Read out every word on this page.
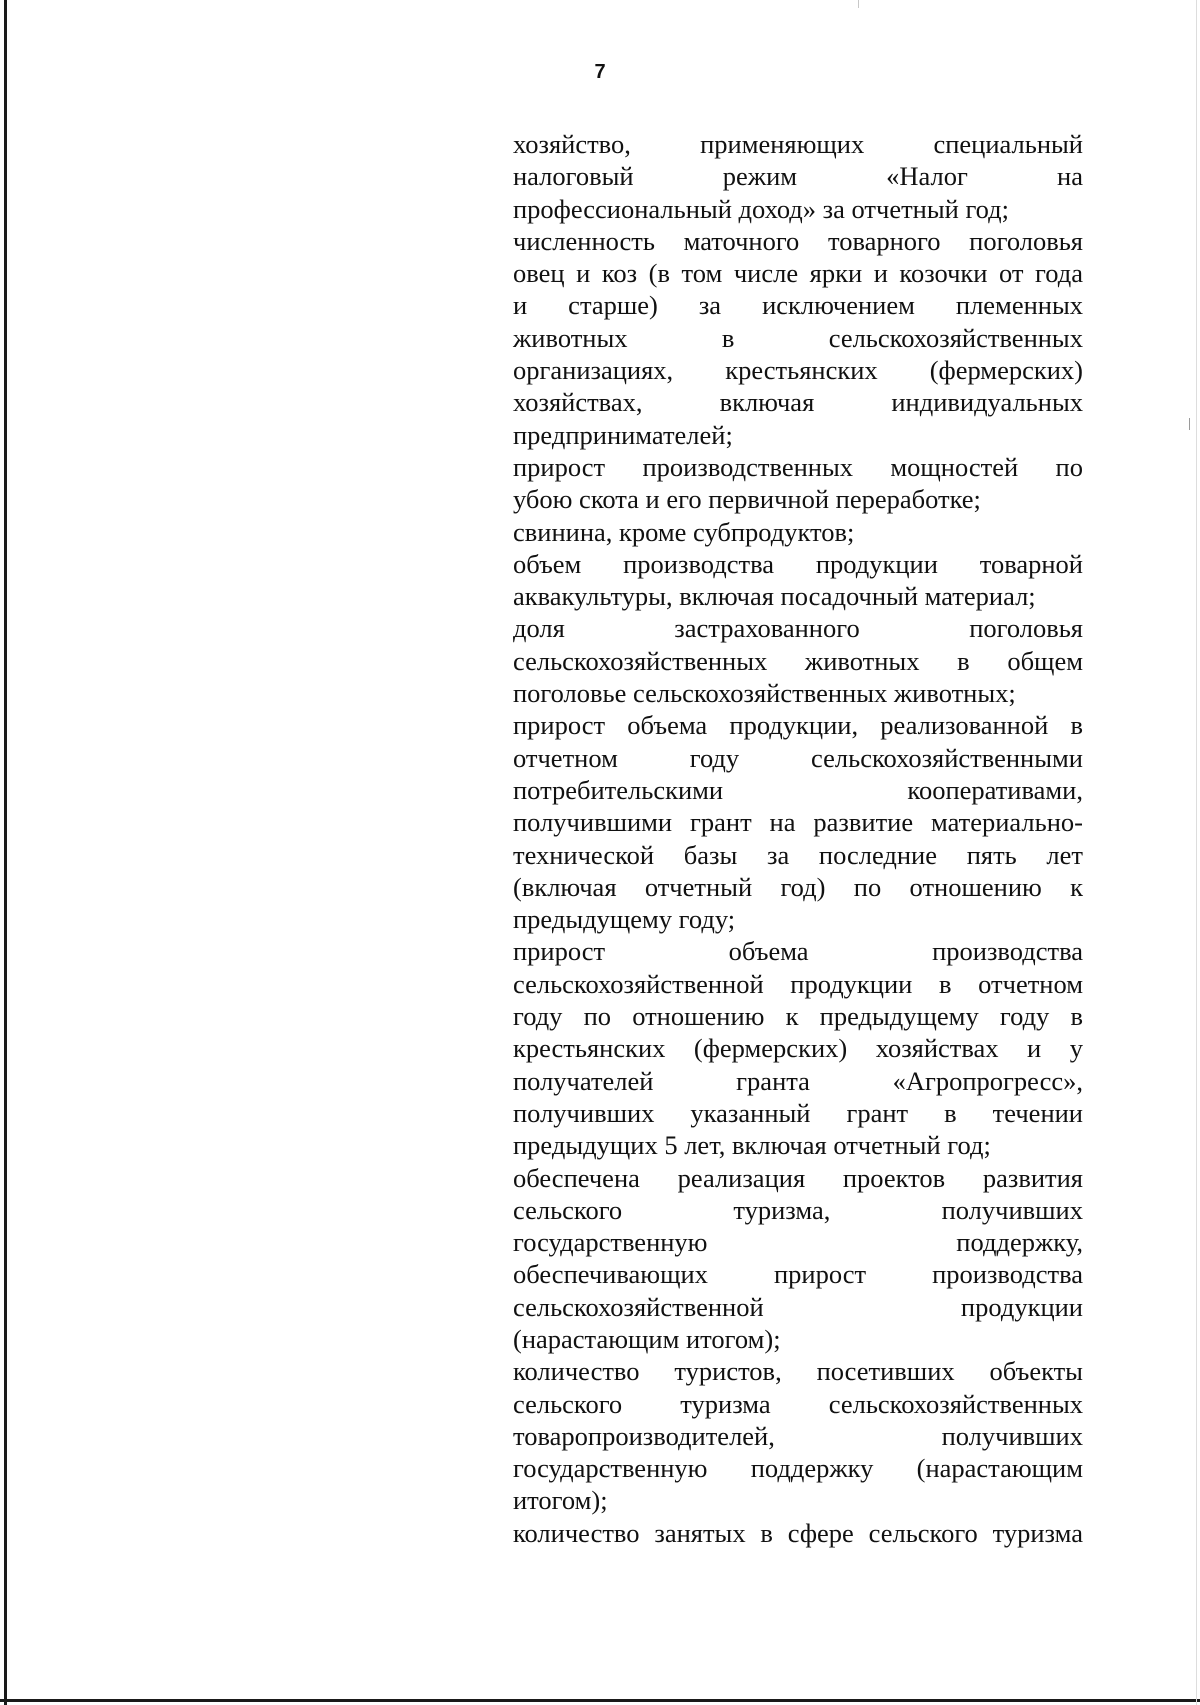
7
хозяйство, применяющих специальный
налоговый режим «Налог на
профессиональный доход» за отчетный год;
численность маточного товарного поголовья
овец и коз (в том числе ярки и козочки от года
и старше) за исключением племенных
животных в сельскохозяйственных
организациях, крестьянских (фермерских)
хозяйствах, включая индивидуальных
предпринимателей;
прирост производственных мощностей по
убою скота и его первичной переработке;
свинина, кроме субпродуктов;
объем производства продукции товарной
аквакультуры, включая посадочный материал;
доля застрахованного поголовья
сельскохозяйственных животных в общем
поголовье сельскохозяйственных животных;
прирост объема продукции, реализованной в
отчетном году сельскохозяйственными
потребительскими кооперативами,
получившими грант на развитие материально-
технической базы за последние пять лет
(включая отчетный год) по отношению к
предыдущему году;
прирост объема производства
сельскохозяйственной продукции в отчетном
году по отношению к предыдущему году в
крестьянских (фермерских) хозяйствах и у
получателей гранта «Агропрогресс»,
получивших указанный грант в течении
предыдущих 5 лет, включая отчетный год;
обеспечена реализация проектов развития
сельского туризма, получивших
государственную поддержку,
обеспечивающих прирост производства
сельскохозяйственной продукции
(нарастающим итогом);
количество туристов, посетивших объекты
сельского туризма сельскохозяйственных
товаропроизводителей, получивших
государственную поддержку (нарастающим
итогом);
количество занятых в сфере сельского туризма
